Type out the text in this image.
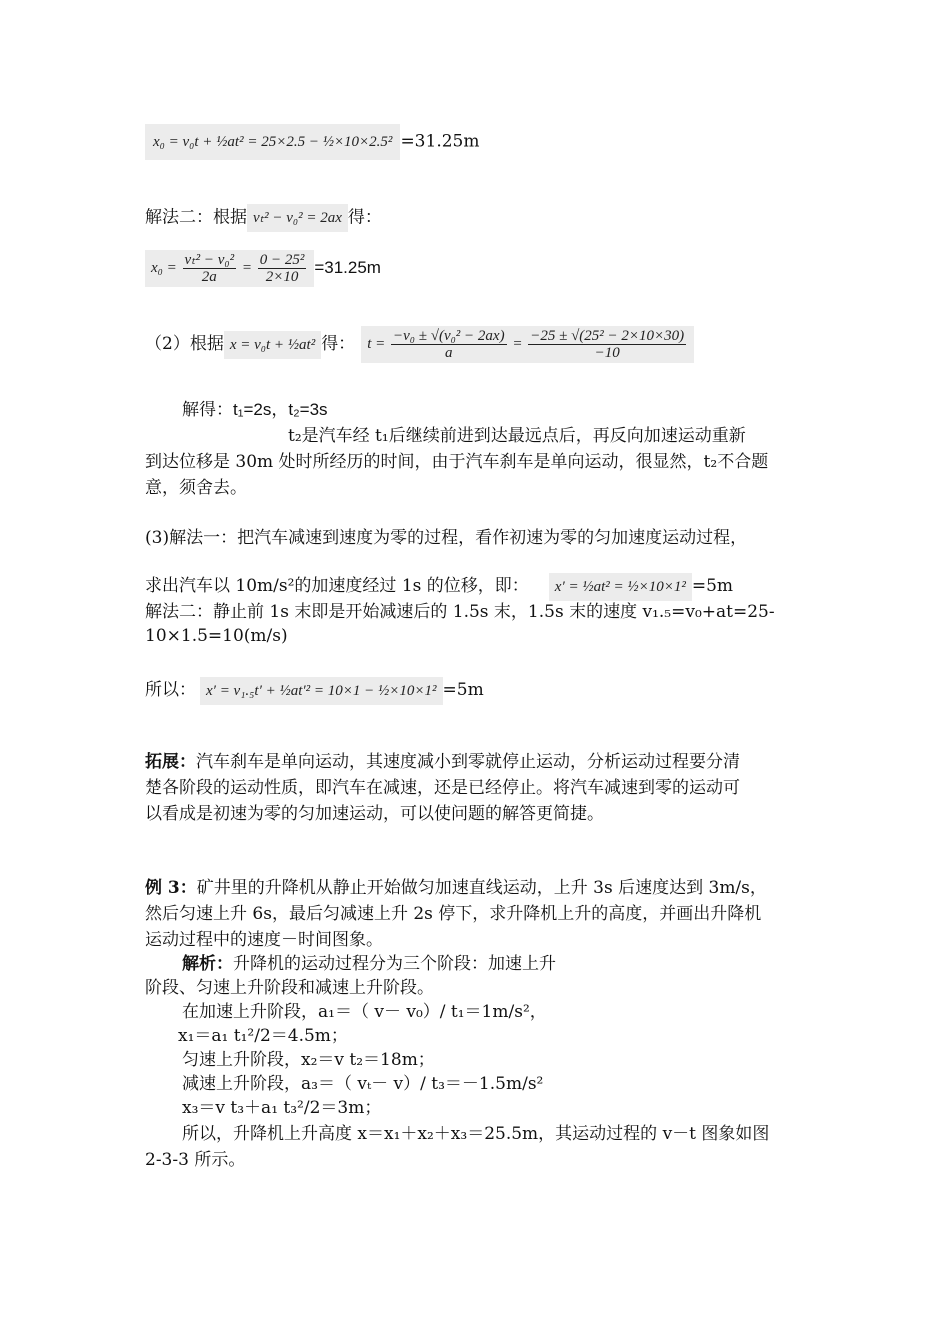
x₀ = v₀t + ½at² = 25×2.5 − ½×10×2.5² =31.25m
解法二：根据 vₜ² − v₀² = 2ax 得：
$x_0 = \frac{\text{vₜ² − v₀²}}{2a} = \frac{\text{0 − 25²}}{2\times 10} =31.25m$
（2）根据 x = v₀t + ½at² 得： $t = \frac{\text{−v₀ ± √(v₀² − 2ax)}}{a} = \frac{\text{−25 ± √(25² − 2×10×30)}}{-10}$
解得：t₁=2s，t₂=3s
t₂是汽车经 t₁后继续前进到达最远点后，再反向加速运动重新
到达位移是 30m 处时所经历的时间，由于汽车刹车是单向运动，很显然，t₂不合题
意，须舍去。
(3)解法一：把汽车减速到速度为零的过程，看作初速为零的匀加速度运动过程，
求出汽车以 10m/s²的加速度经过 1s 的位移，即： x′ = ½at² = ½×10×1² =5m
解法二：静止前 1s 末即是开始减速后的 1.5s 末，1.5s 末的速度 v₁.₅=v₀+at=25-
10×1.5=10(m/s)
所以： x′ = v₁.₅t′ + ½at′² = 10×1 − ½×10×1² =5m
拓展：汽车刹车是单向运动，其速度减小到零就停止运动，分析运动过程要分清
楚各阶段的运动性质，即汽车在减速，还是已经停止。将汽车减速到零的运动可
以看成是初速为零的匀加速运动，可以使问题的解答更简捷。
例 3：矿井里的升降机从静止开始做匀加速直线运动，上升 3s 后速度达到 3m/s，
然后匀速上升 6s，最后匀减速上升 2s 停下，求升降机上升的高度，并画出升降机
运动过程中的速度－时间图象。
解析：升降机的运动过程分为三个阶段：加速上升
阶段、匀速上升阶段和减速上升阶段。
在加速上升阶段，a₁＝（ v－ v₀）/ t₁＝1m/s²，
x₁＝a₁ t₁²/2＝4.5m；
匀速上升阶段，x₂＝v t₂＝18m；
减速上升阶段，a₃＝（ vₜ－ v）/ t₃＝－1.5m/s²
x₃＝v t₃＋a₁ t₃²/2＝3m；
所以，升降机上升高度 x＝x₁＋x₂＋x₃＝25.5m，其运动过程的 v－t 图象如图
2-3-3 所示。
